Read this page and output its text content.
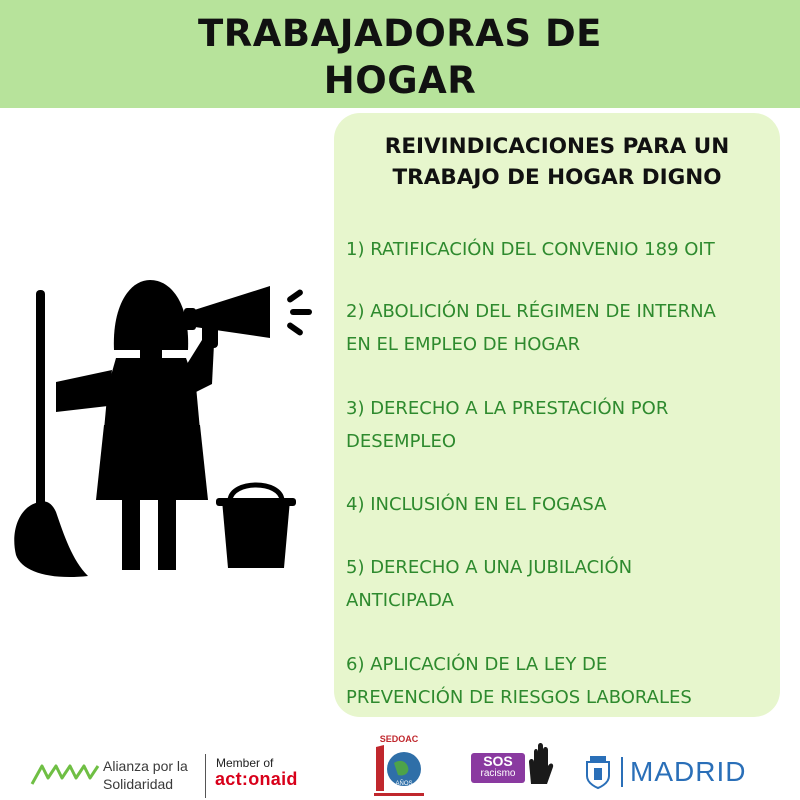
TRABAJADORAS DE
HOGAR
REIVINDICACIONES PARA UN
TRABAJO DE HOGAR DIGNO
1) RATIFICACIÓN DEL CONVENIO 189 OIT
2) ABOLICIÓN DEL RÉGIMEN DE INTERNA
EN EL EMPLEO DE HOGAR
3) DERECHO A LA PRESTACIÓN POR
DESEMPLEO
4) INCLUSIÓN EN EL FOGASA
5) DERECHO A UNA JUBILACIÓN
ANTICIPADA
6) APLICACIÓN DE LA LEY DE
PREVENCIÓN DE RIESGOS LABORALES
Alianza por la
Solidaridad
Member of
act:onaid
SEDOAC
AÑOS
SOS
racismo	MADRID
